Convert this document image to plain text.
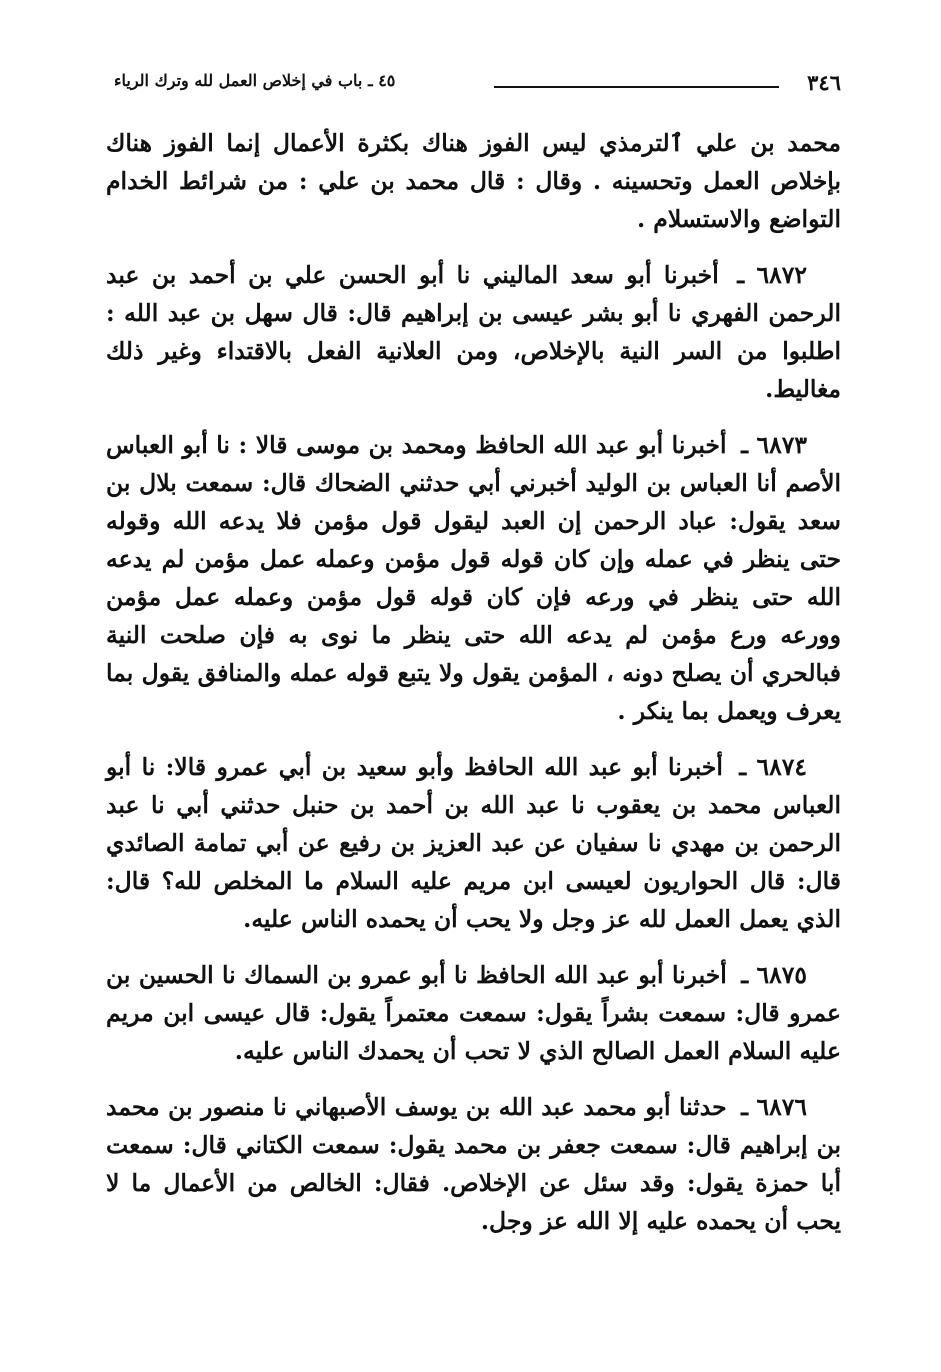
٣٤٦
٤٥ ـ باب في إخلاص العمل لله وترك الرياء

محمد بن علي ٱلترمذي ليس الفوز هناك بكثرة الأعمال إنما الفوز هناك بإخلاص العمل وتحسينه . وقال : قال محمد بن علي : من شرائط الخدام التواضع والاستسلام .

٦٨٧٢ ـ أخبرنا أبو سعد الماليني نا أبو الحسن علي بن أحمد بن عبد الرحمن الفهري نا أبو بشر عيسى بن إبراهيم قال: قال سهل بن عبد الله : اطلبوا من السر النية بالإخلاص، ومن العلانية الفعل بالاقتداء وغير ذلك مغاليط.

٦٨٧٣ ـ أخبرنا أبو عبد الله الحافظ ومحمد بن موسى قالا : نا أبو العباس الأصم أنا العباس بن الوليد أخبرني أبي حدثني الضحاك قال: سمعت بلال بن سعد يقول: عباد الرحمن إن العبد ليقول قول مؤمن فلا يدعه الله وقوله حتى ينظر في عمله وإن كان قوله قول مؤمن وعمله عمل مؤمن لم يدعه الله حتى ينظر في ورعه فإن كان قوله قول مؤمن وعمله عمل مؤمن وورعه ورع مؤمن لم يدعه الله حتى ينظر ما نوى به فإن صلحت النية فبالحري أن يصلح دونه ، المؤمن يقول ولا يتبع قوله عمله والمنافق يقول بما يعرف ويعمل بما ينكر .

٦٨٧٤ ـ أخبرنا أبو عبد الله الحافظ وأبو سعيد بن أبي عمرو قالا: نا أبو العباس محمد بن يعقوب نا عبد الله بن أحمد بن حنبل حدثني أبي نا عبد الرحمن بن مهدي نا سفيان عن عبد العزيز بن رفيع عن أبي تمامة الصائدي قال: قال الحواريون لعيسى ابن مريم عليه السلام ما المخلص لله؟ قال: الذي يعمل العمل لله عز وجل ولا يحب أن يحمده الناس عليه.

٦٨٧٥ ـ أخبرنا أبو عبد الله الحافظ نا أبو عمرو بن السماك نا الحسين بن عمرو قال: سمعت بشراً يقول: سمعت معتمراً يقول: قال عيسى ابن مريم عليه السلام العمل الصالح الذي لا تحب أن يحمدك الناس عليه.

٦٨٧٦ ـ حدثنا أبو محمد عبد الله بن يوسف الأصبهاني نا منصور بن محمد بن إبراهيم قال: سمعت جعفر بن محمد يقول: سمعت الكتاني قال: سمعت أبا حمزة يقول: وقد سئل عن الإخلاص. فقال: الخالص من الأعمال ما لا يحب أن يحمده عليه إلا الله عز وجل.
